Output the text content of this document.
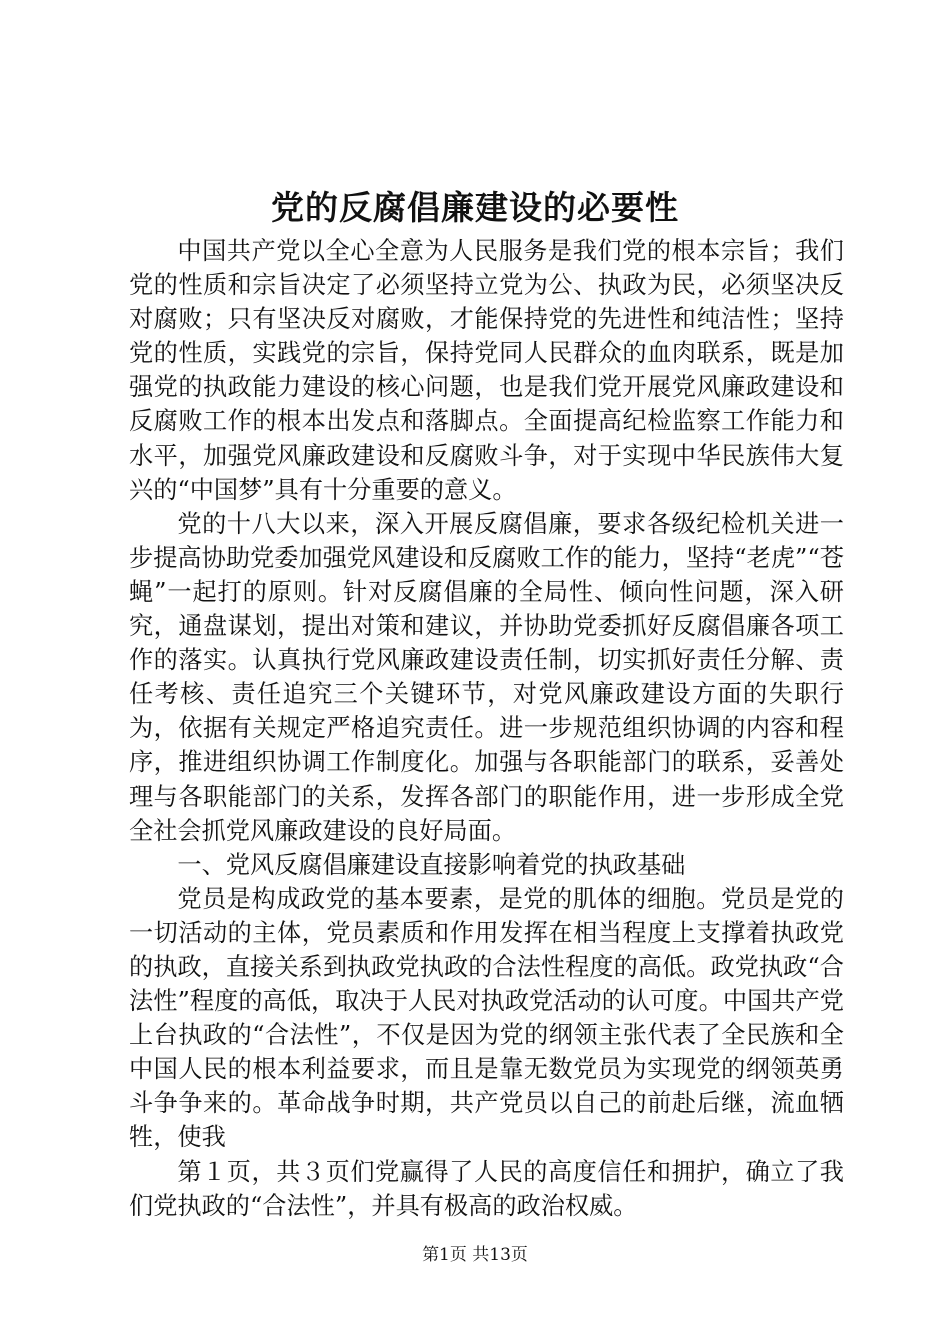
党的反腐倡廉建设的必要性

中国共产党以全心全意为人民服务是我们党的根本宗旨；我们党的性质和宗旨决定了必须坚持立党为公、执政为民，必须坚决反对腐败；只有坚决反对腐败，才能保持党的先进性和纯洁性；坚持党的性质，实践党的宗旨，保持党同人民群众的血肉联系，既是加强党的执政能力建设的核心问题，也是我们党开展党风廉政建设和反腐败工作的根本出发点和落脚点。全面提高纪检监察工作能力和水平，加强党风廉政建设和反腐败斗争，对于实现中华民族伟大复兴的“中国梦”具有十分重要的意义。

党的十八大以来，深入开展反腐倡廉，要求各级纪检机关进一步提高协助党委加强党风建设和反腐败工作的能力，坚持“老虎”“苍蝇”一起打的原则。针对反腐倡廉的全局性、倾向性问题，深入研究，通盘谋划，提出对策和建议，并协助党委抓好反腐倡廉各项工作的落实。认真执行党风廉政建设责任制，切实抓好责任分解、责任考核、责任追究三个关键环节，对党风廉政建设方面的失职行为，依据有关规定严格追究责任。进一步规范组织协调的内容和程序，推进组织协调工作制度化。加强与各职能部门的联系，妥善处理与各职能部门的关系，发挥各部门的职能作用，进一步形成全党全社会抓党风廉政建设的良好局面。

一、党风反腐倡廉建设直接影响着党的执政基础

党员是构成政党的基本要素，是党的肌体的细胞。党员是党的一切活动的主体，党员素质和作用发挥在相当程度上支撑着执政党的执政，直接关系到执政党执政的合法性程度的高低。政党执政“合法性”程度的高低，取决于人民对执政党活动的认可度。中国共产党上台执政的“合法性”，不仅是因为党的纲领主张代表了全民族和全中国人民的根本利益要求，而且是靠无数党员为实现党的纲领英勇斗争争来的。革命战争时期，共产党员以自己的前赴后继，流血牺牲，使我

第１页，共３页们党赢得了人民的高度信任和拥护，确立了我们党执政的“合法性”，并具有极高的政治权威。

第1页 共13页
